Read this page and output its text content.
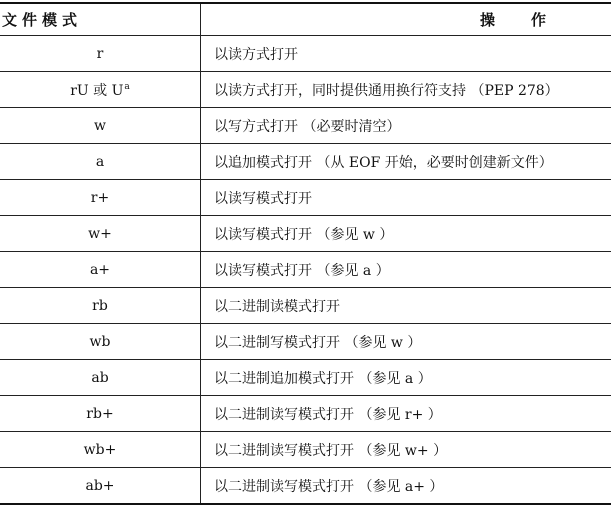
文件模式	操 作
r	以读方式打开
rU 或 $U^a$	以读方式打开，同时提供通用换行符支持 （PEP 278）
w	以写方式打开 （必要时清空）
a	以追加模式打开 （从 EOF 开始，必要时创建新文件）
r+	以读写模式打开
w+	以读写模式打开 （参见 w ）
a+	以读写模式打开 （参见 a ）
rb	以二进制读模式打开
wb	以二进制写模式打开 （参见 w ）
ab	以二进制追加模式打开 （参见 a ）
rb+	以二进制读写模式打开 （参见 r+ ）
wb+	以二进制读写模式打开 （参见 w+ ）
ab+	以二进制读写模式打开 （参见 a+ ）
